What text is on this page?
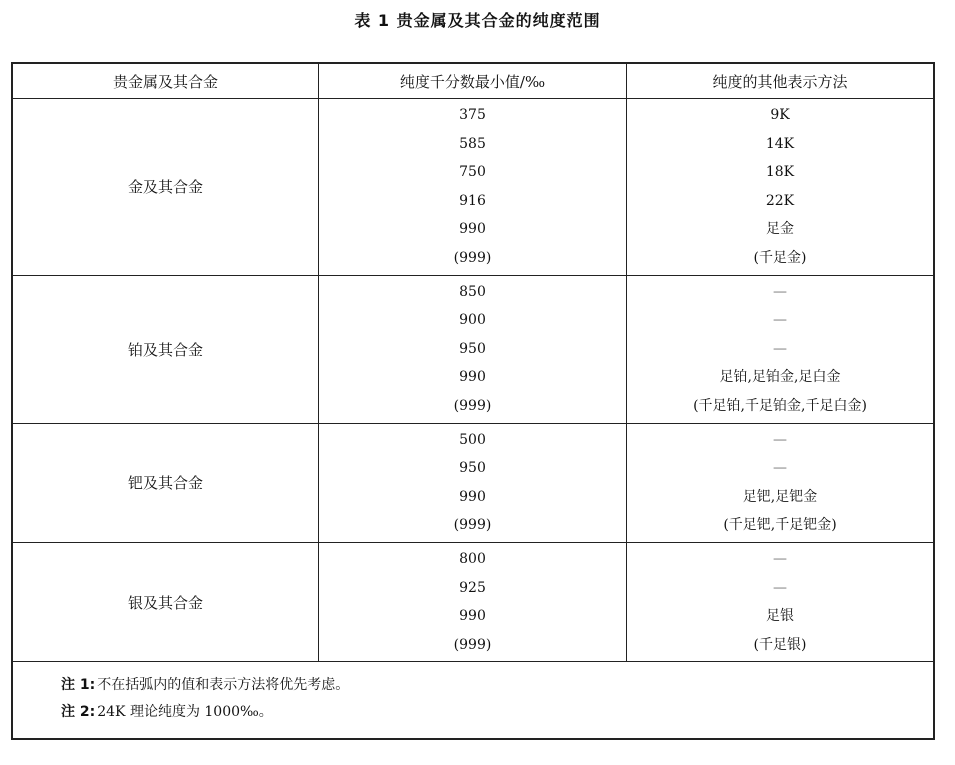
表 1 贵金属及其合金的纯度范围
贵金属及其合金	纯度千分数最小值/‰	纯度的其他表示方法
金及其合金
375
585
750
916
990
(999)
9K
14K
18K
22K
足金
(千足金)
铂及其合金
850
900
950
990
(999)
—
—
—
足铂,足铂金,足白金
(千足铂,千足铂金,千足白金)
钯及其合金
500
950
990
(999)
—
—
足钯,足钯金
(千足钯,千足钯金)
银及其合金
800
925
990
(999)
—
—
足银
(千足银)
注 1: 不在括弧内的值和表示方法将优先考虑。
注 2: 24K 理论纯度为 1000‰。
